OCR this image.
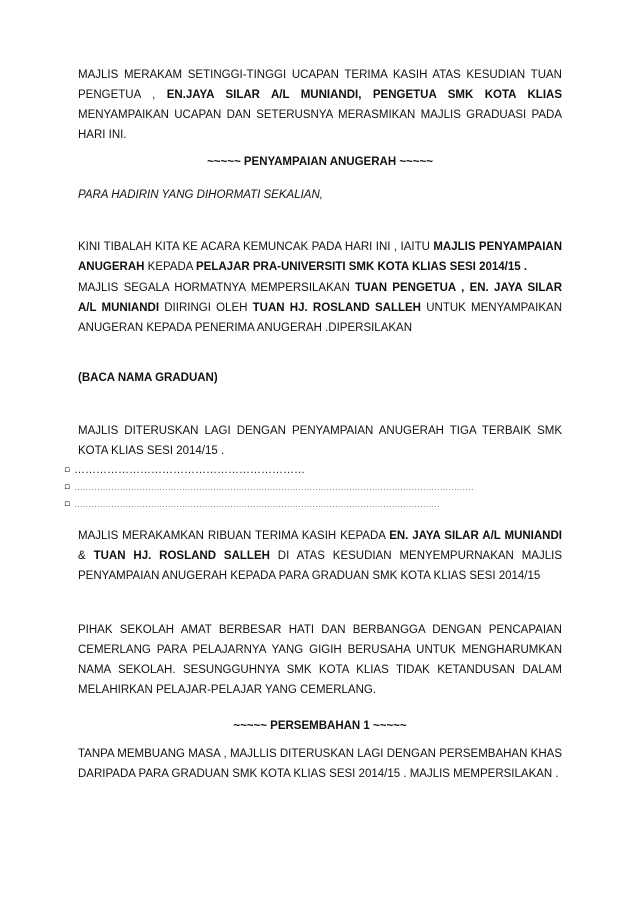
MAJLIS MERAKAM SETINGGI-TINGGI UCAPAN TERIMA KASIH ATAS KESUDIAN TUAN PENGETUA , EN.JAYA SILAR A/L MUNIANDI, PENGETUA SMK KOTA KLIAS MENYAMPAIKAN UCAPAN DAN SETERUSNYA MERASMIKAN MAJLIS GRADUASI PADA HARI INI.

~~~~~ PENYAMPAIAN ANUGERAH ~~~~~

PARA HADIRIN YANG DIHORMATI SEKALIAN,

KINI TIBALAH KITA KE ACARA KEMUNCAK PADA HARI INI , IAITU MAJLIS PENYAMPAIAN ANUGERAH KEPADA PELAJAR PRA-UNIVERSITI SMK KOTA KLIAS SESI 2014/15 .

MAJLIS SEGALA HORMATNYA MEMPERSILAKAN TUAN PENGETUA , EN. JAYA SILAR A/L MUNIANDI DIIRINGI OLEH TUAN HJ. ROSLAND SALLEH UNTUK MENYAMPAIKAN ANUGERAN KEPADA PENERIMA ANUGERAH .DIPERSILAKAN

(BACA NAMA GRADUAN)

MAJLIS DITERUSKAN LAGI DENGAN PENYAMPAIAN ANUGERAH TIGA TERBAIK SMK KOTA KLIAS SESI 2014/15 .

▫ ………………………………………………………
▫ ……………………………………………………………………………………………………………………………
▫ …………………………………………………………………………………………………………………

MAJLIS MERAKAMKAN RIBUAN TERIMA KASIH KEPADA EN. JAYA SILAR A/L MUNIANDI & TUAN HJ. ROSLAND SALLEH DI ATAS KESUDIAN MENYEMPURNAKAN MAJLIS PENYAMPAIAN ANUGERAH KEPADA PARA GRADUAN SMK KOTA KLIAS SESI 2014/15

PIHAK SEKOLAH AMAT BERBESAR HATI DAN BERBANGGA DENGAN PENCAPAIAN CEMERLANG PARA PELAJARNYA YANG GIGIH BERUSAHA UNTUK MENGHARUMKAN NAMA SEKOLAH. SESUNGGUHNYA SMK KOTA KLIAS TIDAK KETANDUSAN DALAM MELAHIRKAN PELAJAR-PELAJAR YANG CEMERLANG.

~~~~~ PERSEMBAHAN 1 ~~~~~

TANPA MEMBUANG MASA , MAJLLIS DITERUSKAN LAGI DENGAN PERSEMBAHAN KHAS DARIPADA PARA GRADUAN SMK KOTA KLIAS SESI 2014/15 . MAJLIS MEMPERSILAKAN .
